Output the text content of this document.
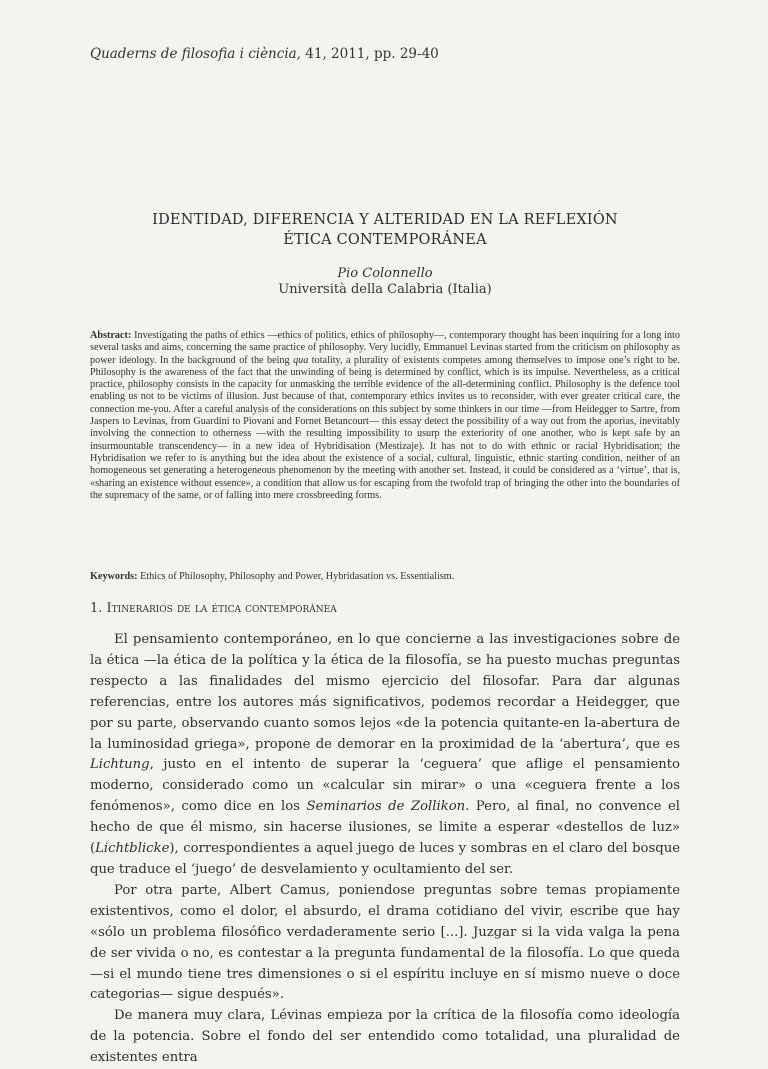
Quaderns de filosofia i ciència, 41, 2011, pp. 29-40
IDENTIDAD, DIFERENCIA Y ALTERIDAD EN LA REFLEXIÓN
ÉTICA CONTEMPORÁNEA
Pio Colonnello
Università della Calabria (Italia)
Abstract: Investigating the paths of ethics —ethics of politics, ethics of philosophy—, contemporary thought has been inquiring for a long into several tasks and aims, concerning the same practice of philosophy. Very lucidly, Emmanuel Levinas started from the criticism on philosophy as power ideology. In the background of the being qua totality, a plurality of existents competes among themselves to impose one’s right to be. Philosophy is the awareness of the fact that the unwinding of being is determined by conflict, which is its impulse. Nevertheless, as a critical practice, philosophy consists in the capacity for unmasking the terrible evidence of the all-determining conflict. Philosophy is the defence tool enabling us not to be victims of illusion. Just because of that, contemporary ethics invites us to reconsider, with ever greater critical care, the connection me-you. After a careful analysis of the considerations on this subject by some thinkers in our time —from Heidegger to Sartre, from Jaspers to Levinas, from Guardini to Piovani and Fornet Betancourt— this essay detect the possibility of a way out from the aporias, inevitably involving the connection to otherness —with the resulting impossibility to usurp the exteriority of one another, who is kept safe by an insurmountable transcendency— in a new idea of Hybridisation (Mestizaje). It has not to do with ethnic or racial Hybridisation; the Hybridisation we refer to is anything but the idea about the existence of a social, cultural, linguistic, ethnic starting condition, neither of an homogeneous set generating a heterogeneous phenomenon by the meeting with another set. Instead, it could be considered as a ‘virtue’, that is, «sharing an existence without essence», a condition that allow us for escaping from the twofold trap of bringing the other into the boundaries of the supremacy of the same, or of falling into mere crossbreeding forms.
Keywords: Ethics of Philosophy, Philosophy and Power, Hybridasation vs. Essentialism.
1. Itinerarios de la ética contemporánea

El pensamiento contemporáneo, en lo que concierne a las investigaciones sobre de la ética —la ética de la política y la ética de la filosofía, se ha puesto muchas preguntas respecto a las finalidades del mismo ejercicio del filosofar. Para dar algunas referencias, entre los autores más significativos, podemos recordar a Heidegger, que por su parte, observando cuanto somos lejos «de la potencia quitante-en la-abertura de la luminosidad griega», propone de demorar en la proximidad de la ‘abertura’, que es Lichtung, justo en el intento de superar la ‘ceguera’ que aflige el pensamiento moderno, considerado como un «calcular sin mirar» o una «ceguera frente a los fenómenos», como dice en los Seminarios de Zollikon. Pero, al final, no convence el hecho de que él mismo, sin hacerse ilusiones, se limite a esperar «destellos de luz» (Lichtblicke), correspondientes a aquel juego de luces y sombras en el claro del bosque que traduce el ‘juego’ de desvelamiento y ocultamiento del ser.

Por otra parte, Albert Camus, poniendose preguntas sobre temas propiamente existentivos, como el dolor, el absurdo, el drama cotidiano del vivir, escribe que hay «sólo un problema filosófico verdaderamente serio [...]. Juzgar si la vida valga la pena de ser vivida o no, es contestar a la pregunta fundamental de la filosofía. Lo que queda —si el mundo tiene tres dimensiones o si el espíritu incluye en sí mismo nueve o doce categorias— sigue después».

De manera muy clara, Lévinas empieza por la crítica de la filosofía como ideología de la potencia. Sobre el fondo del ser entendido como totalidad, una pluralidad de existentes entra
